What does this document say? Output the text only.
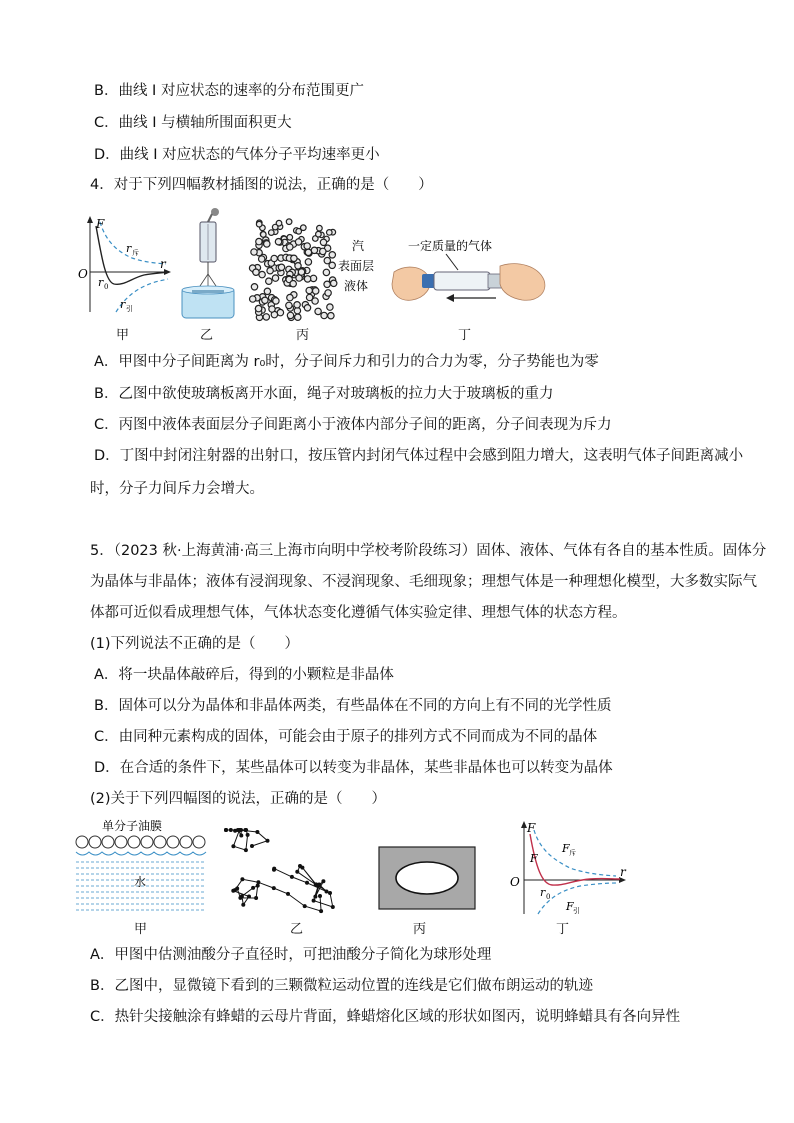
B．曲线 I 对应状态的速率的分布范围更广
C．曲线 I 与横轴所围面积更大
D．曲线 I 对应状态的气体分子平均速率更小
4．对于下列四幅教材插图的说法，正确的是（　　）
F
O
r
r 0
r 斥
r 引
甲	乙
汽
表面层
液体
丙
一定质量的气体
丁
A．甲图中分子间距离为 r₀时，分子间斥力和引力的合力为零，分子势能也为零
B．乙图中欲使玻璃板离开水面，绳子对玻璃板的拉力大于玻璃板的重力
C．丙图中液体表面层分子间距离小于液体内部分子间的距离，分子间表现为斥力
D．丁图中封闭注射器的出射口，按压管内封闭气体过程中会感到阻力增大，这表明气体子间距离减小
时，分子力间斥力会增大。
5．（2023 秋·上海黄浦·高三上海市向明中学校考阶段练习）固体、液体、气体有各自的基本性质。固体分
为晶体与非晶体；液体有浸润现象、不浸润现象、毛细现象；理想气体是一种理想化模型，大多数实际气
体都可近似看成理想气体，气体状态变化遵循气体实验定律、理想气体的状态方程。
(1)下列说法不正确的是（　　）
A．将一块晶体敲碎后，得到的小颗粒是非晶体
B．固体可以分为晶体和非晶体两类，有些晶体在不同的方向上有不同的光学性质
C．由同种元素构成的固体，可能会由于原子的排列方式不同而成为不同的晶体
D．在合适的条件下，某些晶体可以转变为非晶体，某些非晶体也可以转变为晶体
(2)关于下列四幅图的说法，正确的是（　　）
单分子油膜
水
甲	乙	丙
F
O
r
F
r 0
F 斥
F 引
丁
A．甲图中估测油酸分子直径时，可把油酸分子简化为球形处理
B．乙图中，显微镜下看到的三颗微粒运动位置的连线是它们做布朗运动的轨迹
C．热针尖接触涂有蜂蜡的云母片背面，蜂蜡熔化区域的形状如图丙，说明蜂蜡具有各向异性
